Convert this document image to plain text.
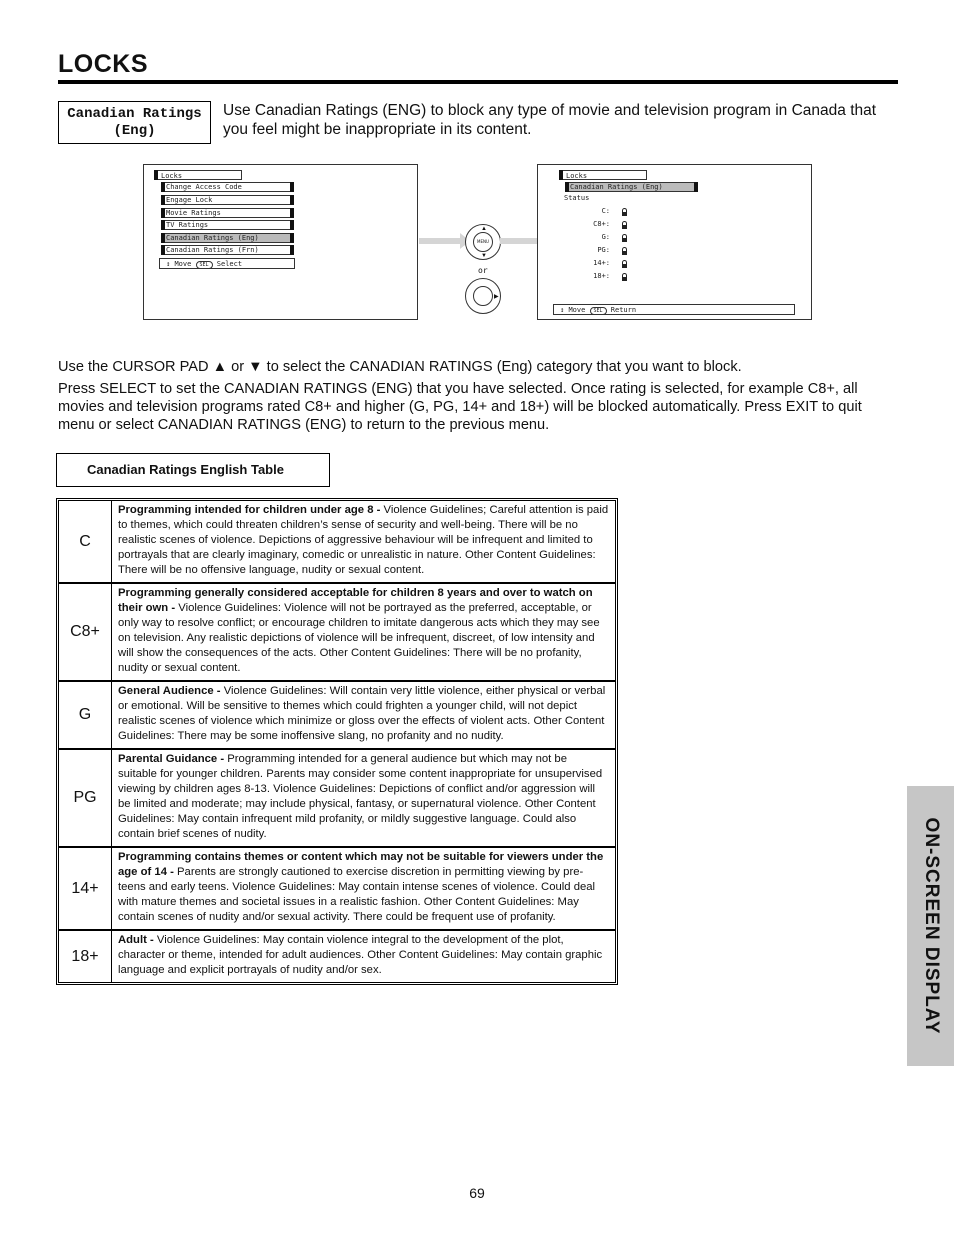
LOCKS
Canadian Ratings
(Eng)
Use Canadian Ratings (ENG) to block any type of movie and television program in Canada that you feel might be inappropriate in its content.
Locks
Change Access Code
Engage Lock
Movie Ratings
TV Ratings
Canadian Ratings (Eng)
Canadian Ratings (Frn)
↕ Move SEL Select
MENU
▲
▼
or
▶
Locks
Canadian Ratings (Eng)
Status
C:
C8+:
G:
PG:
14+:
18+:
↕ Move SEL Return
Use the CURSOR PAD ▲ or ▼ to select the CANADIAN RATINGS (Eng) category that you want to block.
Press SELECT to set the CANADIAN RATINGS (ENG) that you have selected. Once rating is selected, for example C8+, all movies and television programs rated C8+ and higher (G, PG, 14+ and 18+) will be blocked automatically. Press EXIT to quit menu or select CANADIAN RATINGS (ENG) to return to the previous menu.
Canadian Ratings English Table
C
Programming intended for children under age 8 - Violence Guidelines; Careful attention is paid to themes, which could threaten children’s sense of security and well-being. There will be no realistic scenes of violence. Depictions of aggressive behaviour will be infrequent and limited to portrayals that are clearly imaginary, comedic or unrealistic in nature. Other Content Guidelines: There will be no offensive language, nudity or sexual content.
C8+
Programming generally considered acceptable for children 8 years and over to watch on their own - Violence Guidelines: Violence will not be portrayed as the preferred, acceptable, or only way to resolve conflict; or encourage children to imitate dangerous acts which they may see on television. Any realistic depictions of violence will be infrequent, discreet, of low intensity and will show the consequences of the acts. Other Content Guidelines: There will be no profanity, nudity or sexual content.
G
General Audience - Violence Guidelines: Will contain very little violence, either physical or verbal or emotional. Will be sensitive to themes which could frighten a younger child, will not depict realistic scenes of violence which minimize or gloss over the effects of violent acts. Other Content Guidelines: There may be some inoffensive slang, no profanity and no nudity.
PG
Parental Guidance - Programming intended for a general audience but which may not be suitable for younger children. Parents may consider some content inappropriate for unsupervised viewing by children ages 8-13. Violence Guidelines: Depictions of conflict and/or aggression will be limited and moderate; may include physical, fantasy, or supernatural violence. Other Content Guidelines: May contain infrequent mild profanity, or mildly suggestive language. Could also contain brief scenes of nudity.
14+
Programming contains themes or content which may not be suitable for viewers under the age of 14 - Parents are strongly cautioned to exercise discretion in permitting viewing by pre-teens and early teens. Violence Guidelines: May contain intense scenes of violence. Could deal with mature themes and societal issues in a realistic fashion. Other Content Guidelines: May contain scenes of nudity and/or sexual activity. There could be frequent use of profanity.
18+
Adult - Violence Guidelines: May contain violence integral to the development of the plot, character or theme, intended for adult audiences. Other Content Guidelines: May contain graphic language and explicit portrayals of nudity and/or sex.	ON-SCREEN DISPLAY
69
